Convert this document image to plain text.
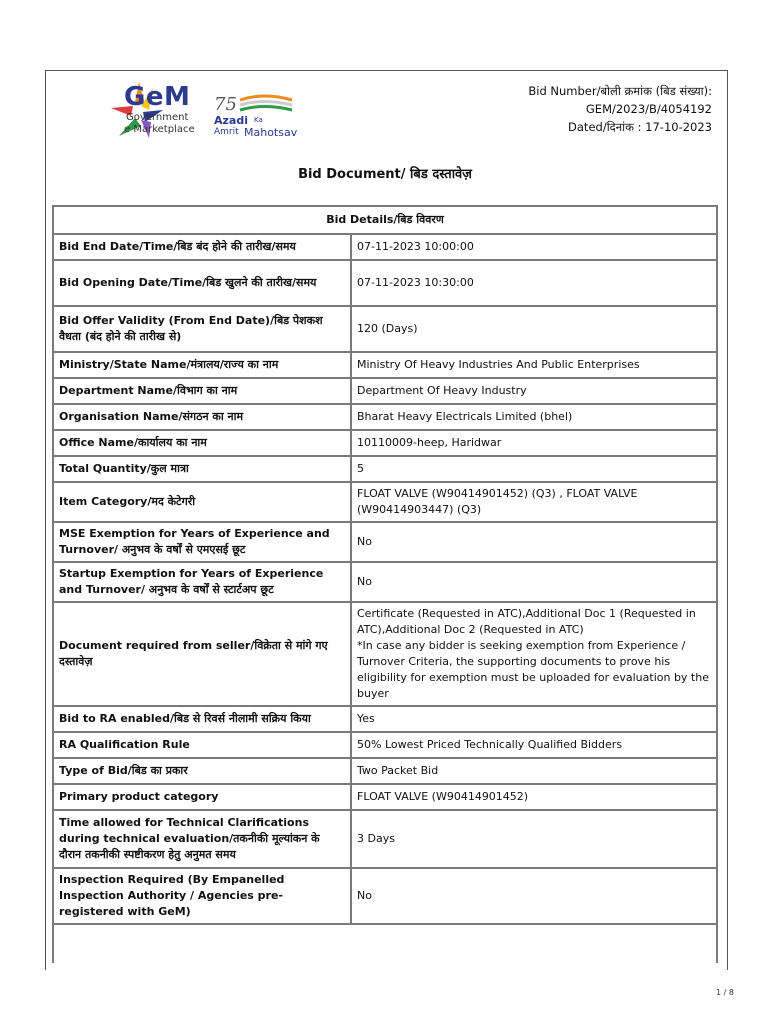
GeM
Government
e Marketplace
75
Azadi Ka
Amrit Mahotsav
Bid Number/बोली क्रमांक (बिड संख्या):
GEM/2023/B/4054192
Dated/दिनांक : 17-10-2023
Bid Document/ बिड दस्तावेज़
Bid Details/बिड विवरण	
Bid End Date/Time/बिड बंद होने की तारीख/समय	07-11-2023 10:00:00
Bid Opening Date/Time/बिड खुलने की तारीख/समय	07-11-2023 10:30:00
Bid Offer Validity (From End Date)/बिड पेशकश वैधता (बंद होने की तारीख से)	120 (Days)
Ministry/State Name/मंत्रालय/राज्य का नाम	Ministry Of Heavy Industries And Public Enterprises
Department Name/विभाग का नाम	Department Of Heavy Industry
Organisation Name/संगठन का नाम	Bharat Heavy Electricals Limited (bhel)
Office Name/कार्यालय का नाम	10110009-heep, Haridwar
Total Quantity/कुल मात्रा	5
Item Category/मद केटेगरी	FLOAT VALVE (W90414901452) (Q3) , FLOAT VALVE (W90414903447) (Q3)
MSE Exemption for Years of Experience and Turnover/ अनुभव के वर्षों से एमएसई छूट	No
Startup Exemption for Years of Experience and Turnover/ अनुभव के वर्षों से स्टार्टअप छूट	No
Document required from seller/विक्रेता से मांगे गए दस्तावेज़	Certificate (Requested in ATC),Additional Doc 1 (Requested in ATC),Additional Doc 2 (Requested in ATC)
*In case any bidder is seeking exemption from Experience / Turnover Criteria, the supporting documents to prove his eligibility for exemption must be uploaded for evaluation by the buyer
Bid to RA enabled/बिड से रिवर्स नीलामी सक्रिय किया	Yes
RA Qualification Rule	50% Lowest Priced Technically Qualified Bidders
Type of Bid/बिड का प्रकार	Two Packet Bid
Primary product category	FLOAT VALVE (W90414901452)
Time allowed for Technical Clarifications during technical evaluation/तकनीकी मूल्यांकन के दौरान तकनीकी स्पष्टीकरण हेतु अनुमत समय	3 Days
Inspection Required (By Empanelled Inspection Authority / Agencies pre-registered with GeM)	No
1 / 8
